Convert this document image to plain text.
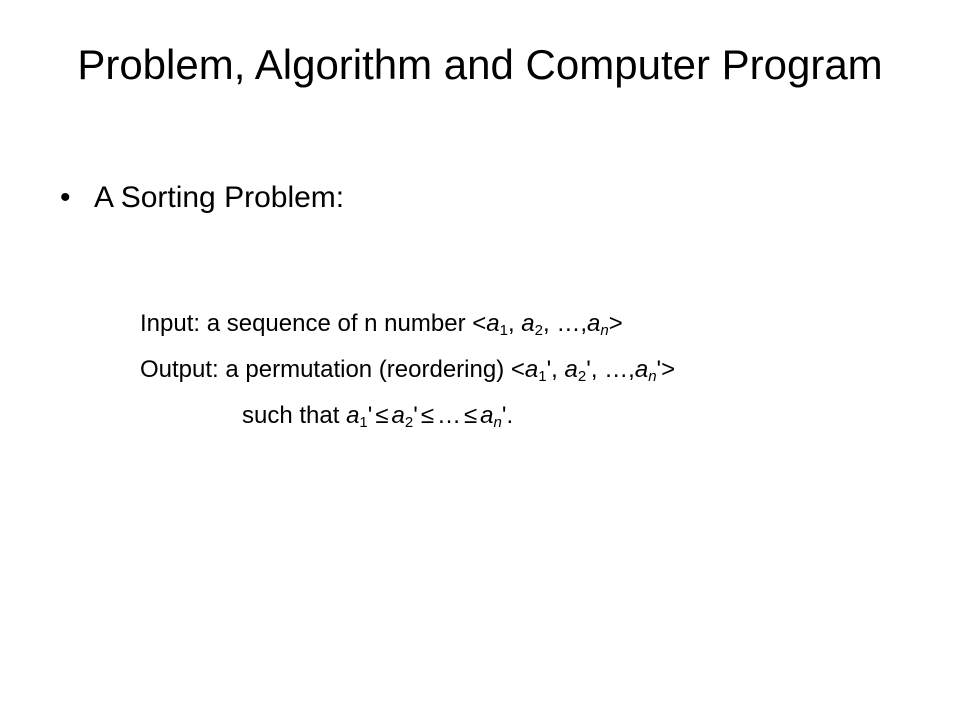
Problem, Algorithm and Computer Program
• A Sorting Problem:
Input: a sequence of n number $<a_1$, $a_2$, $\dots,a_n>$
Output: a permutation (reordering) $<a_1'$, $a_2'$, $\dots,a_n'>$
such that $a_1' \le a_2'$ ≤ … ≤ $a_n'$.
